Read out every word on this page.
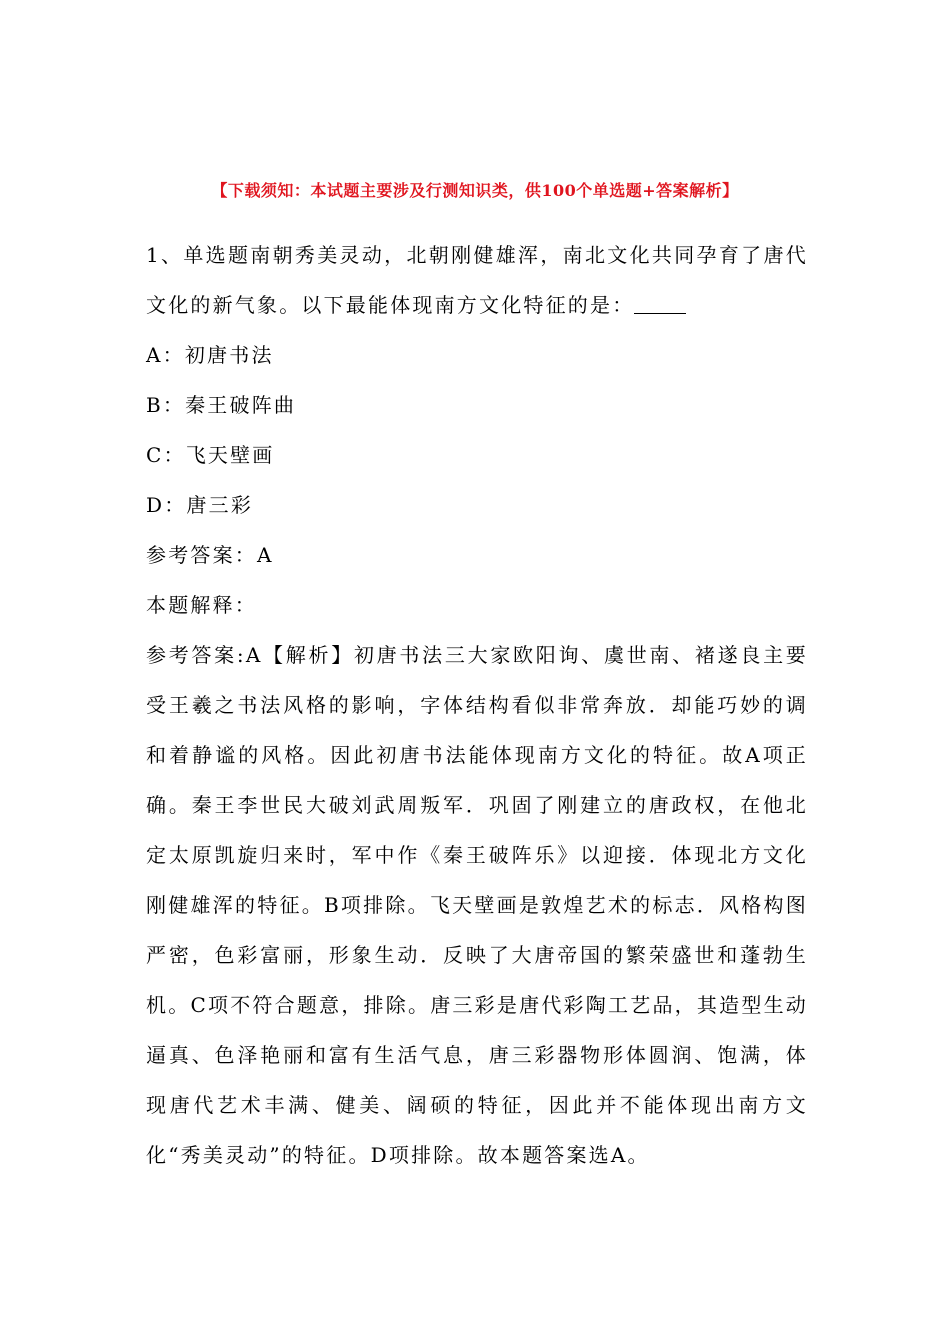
【下载须知：本试题主要涉及行测知识类，供100个单选题+答案解析】

1、单选题南朝秀美灵动，北朝刚健雄浑，南北文化共同孕育了唐代文化的新气象。以下最能体现南方文化特征的是：

A：初唐书法

B：秦王破阵曲

C：飞天壁画

D：唐三彩

参考答案：A

本题解释：

参考答案:A【解析】初唐书法三大家欧阳询、虞世南、褚遂良主要受王羲之书法风格的影响，字体结构看似非常奔放．却能巧妙的调和着静谧的风格。因此初唐书法能体现南方文化的特征。故A项正确。秦王李世民大破刘武周叛军．巩固了刚建立的唐政权，在他北定太原凯旋归来时，军中作《秦王破阵乐》以迎接．体现北方文化刚健雄浑的特征。B项排除。飞天壁画是敦煌艺术的标志．风格构图严密，色彩富丽，形象生动．反映了大唐帝国的繁荣盛世和蓬勃生机。C项不符合题意，排除。唐三彩是唐代彩陶工艺品，其造型生动逼真、色泽艳丽和富有生活气息，唐三彩器物形体圆润、饱满，体现唐代艺术丰满、健美、阔硕的特征，因此并不能体现出南方文化“秀美灵动”的特征。D项排除。故本题答案选A。
